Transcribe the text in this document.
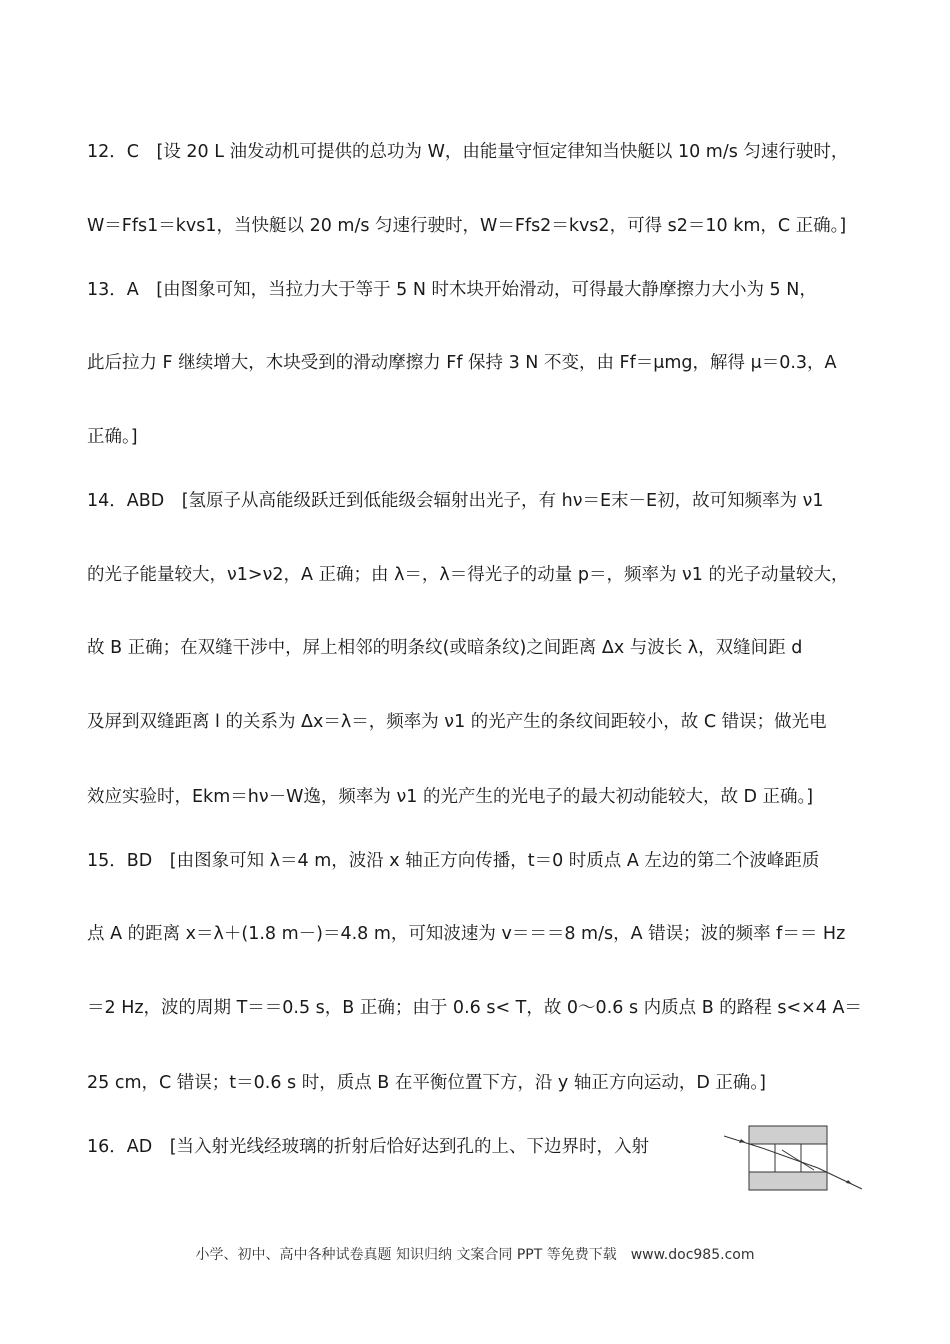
12．C　[设 20 L 油发动机可提供的总功为 W，由能量守恒定律知当快艇以 10 m/s 匀速行驶时，
W＝Ffs1＝kvs1，当快艇以 20 m/s 匀速行驶时，W＝Ffs2＝kvs2，可得 s2＝10 km，C 正确。]
13．A　[由图象可知，当拉力大于等于 5 N 时木块开始滑动，可得最大静摩擦力大小为 5 N，
此后拉力 F 继续增大，木块受到的滑动摩擦力 Ff 保持 3 N 不变，由 Ff＝μmg，解得 μ＝0.3，A
正确。]
14．ABD　[氢原子从高能级跃迁到低能级会辐射出光子，有 hν＝E末－E初，故可知频率为 ν1
的光子能量较大，ν1>ν2，A 正确；由 λ＝，λ＝得光子的动量 p＝，频率为 ν1 的光子动量较大，
故 B 正确；在双缝干涉中，屏上相邻的明条纹(或暗条纹)之间距离 Δx 与波长 λ，双缝间距 d
及屏到双缝距离 l 的关系为 Δx＝λ＝，频率为 ν1 的光产生的条纹间距较小，故 C 错误；做光电
效应实验时，Ekm＝hν－W逸，频率为 ν1 的光产生的光电子的最大初动能较大，故 D 正确。]
15．BD　[由图象可知 λ＝4 m，波沿 x 轴正方向传播，t＝0 时质点 A 左边的第二个波峰距质
点 A 的距离 x＝λ＋(1.8 m－)＝4.8 m，可知波速为 v＝＝＝8 m/s，A 错误；波的频率 f＝＝ Hz
＝2 Hz，波的周期 T＝＝0.5 s，B 正确；由于 0.6 s< T，故 0～0.6 s 内质点 B 的路程 s<×4 A＝
25 cm，C 错误；t＝0.6 s 时，质点 B 在平衡位置下方，沿 y 轴正方向运动，D 正确。]
16．AD　[当入射光线经玻璃的折射后恰好达到孔的上、下边界时，入射
小学、初中、高中各种试卷真题 知识归纳 文案合同 PPT 等免费下载　www.doc985.com
